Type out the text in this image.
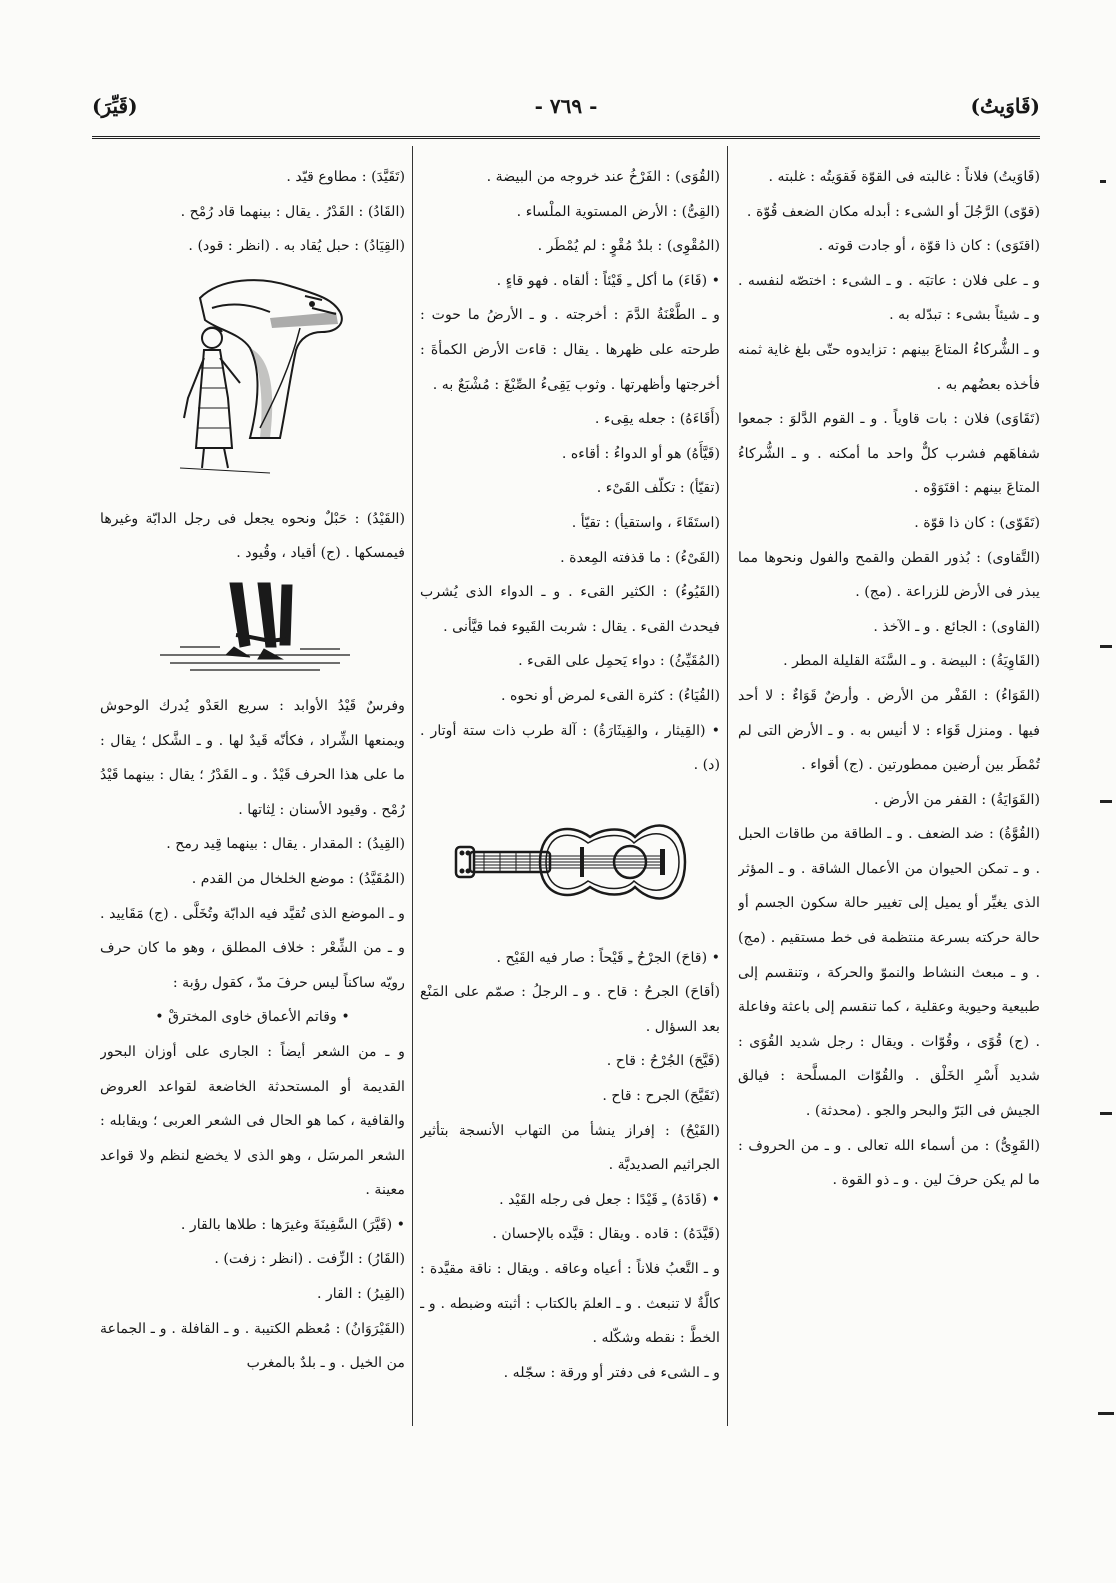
(قَاوَيتُ)
- ٧٦٩ -
(قَيِّرَ)

(قَاوَيتُ) فلاناً : غالبته فى القوّة فَقوَيتُه : غلبته .

(قوّى) الرَّجُلَ أو الشىء : أبدله مكان الضعف قُوّة .

(اقتَوَى) : كان ذا قوّة ، أو جادت قوته .

و ـ على فلان : عاتبَه . و ـ الشىء : اختصّه لنفسه . و ـ شيئاً بشىء : تبدّله به .

و ـ الشُّركاءُ المتاعَ بينهم : تزايدوه حتّى بلغ غاية ثمنه فأخذه بعضُهم به .

(تَقَاوَى) فلان : بات قاوياً . و ـ القوم الدَّلوَ : جمعوا شفاهَهم فشرب كلٌّ واحد ما أمكنه . و ـ الشُّركاءُ المتاعَ بينهم : اقتَوَوْه .

(تَقَوّى) : كان ذا قوّة .

(التَّقاوى) : بُذور القطن والقمح والفول ونحوها مما يبذر فى الأرض للزراعة . (مج) .

(القاوى) : الجائع . و ـ الآخذ .

(القَاوِيَةُ) : البيضة . و ـ السَّنَة القليلة المطر .

(القَوَاءُ) : القَفْر من الأرض . وأرضٌ قَوَاءٌ : لا أحد فيها . ومنزل قَوَاء : لا أنيس به . و ـ الأرض التى لم تُمْطَر بين أرضين ممطورتين . (ج) أقواء .

(القَوَايَةُ) : القفر من الأرض .

(القُوَّةُ) : ضد الضعف . و ـ الطاقة من طاقات الحبل . و ـ تمكن الحيوان من الأعمال الشاقة . و ـ المؤثر الذى يغيِّر أو يميل إلى تغيير حالة سكون الجسم أو حالة حركته بسرعة منتظمة فى خط مستقيم . (مج) . و ـ مبعث النشاط والنموّ والحركة ، وتنقسم إلى طبيعية وحيوية وعقلية ، كما تنقسم إلى باعثة وفاعلة . (ج) قُوًى ، وقُوّات . ويقال : رجل شديد القُوَى : شديد أَسْرِ الخَلْق . والقُوّات المسلَّحة : فيالق الجيش فى البَرّ والبحر والجو . (محدثة) .

(القَوِىُّ) : من أسماء الله تعالى . و ـ من الحروف : ما لم يكن حرفَ لين . و ـ ذو القوة .

(القُوَى) : الفَرْخُ عند خروجه من البيضة .

(القِىُّ) : الأرض المستوية الملْساء .

(المُقْوِى) : بلدٌ مُقْوٍ : لم يُمْطَر .

• (قَاءَ) ما أكل ـِ قَيْئاً : ألقاه . فهو قاءٍ .

و ـ الطَّعْنَةُ الدَّمَ : أخرجته . و ـ الأرضُ ما حوت : طرحته على ظهرها . يقال : قاءت الأرض الكمأةَ : أخرجتها وأظهرتها . وثوب يَقِىءُ الصِّبْغَ : مُشْبَعٌ به .

(أَقَاءَهُ) : جعله يقِىء .

(قَيَّأَهُ) هو أو الدواءُ : أقاءه .

(تقيّأ) : تكلّف القَىْء .

(استَقَاءَ ، واستقيأ) : تقيّأ .

(القَىْءُ) : ما قذفته المِعدة .

(القَيُوءُ) : الكثير القىء . و ـ الدواء الذى يُشرب فيحدث القىء . يقال : شربت القَيوء فما قيَّأنى .

(المُقَيِّئُ) : دواء يَحمِل على القىء .

(القُيَاءُ) : كثرة القىء لمرض أو نحوه .

• (القِيثار ، والقِيثَارَةُ) : آلة طرب ذات ستة أوتار . (د) .

• (قاحَ) الجرْحُ ـِ قَيْحاً : صار فيه القَيْح .

(أقاحَ) الجرحُ : قاح . و ـ الرجلُ : صمّم على المَنْع بعد السؤال .

(قَيَّحَ) الجُرْحُ : قاح .

(تَقَيَّحَ) الجرح : قاح .

(القَيْحُ) : إفراز ينشأ من التهاب الأنسجة بتأثير الجراثيم الصديديَّة .

• (قَادَهُ) ـِ قَيْدًا : جعل فى رجله القَيْد .

(قَيَّدَهُ) : قاده . ويقال : قيَّده بالإحسان .

و ـ التَّعبُ فلاناً : أعياه وعاقه . ويقال : ناقة مقيَّدة : كالَّةٌ لا تنبعث . و ـ العلمَ بالكتاب : أثبته وضبطه . و ـ الخطَّ : نقطه وشكّله .

و ـ الشىء فى دفتر أو ورقة : سجّله .

(تَقَيَّدَ) : مطاوع قيّد .

(القَادُ) : القَدْرُ . يقال : بينهما قاد رُمْح .

(القِيَادُ) : حبل يُقاد به . (انظر : قود) .

(القَيْدُ) : حَبْلٌ ونحوه يجعل فى رجل الدابّة وغيرها فيمسكها . (ج) أقياد ، وقُيود .

وفرسٌ قَيْدُ الأوابد : سريع العَدْو يُدرك الوحوش ويمنعها الشِّراد ، فكأنّه قَيدٌ لها . و ـ الشَّكل ؛ يقال : ما على هذا الحرف قَيْدٌ . و ـ القَدْرُ ؛ يقال : بينهما قَيْدُ رُمْح . وقيود الأسنان : لِثاتها .

(القِيدُ) : المقدار . يقال : بينهما قِيد رمح .

(المُقَيَّدُ) : موضع الخلخال من القدم .

و ـ الموضع الذى تُقيَّد فيه الدابّة وتُخَلَّى . (ج) مَقَاييد . و ـ من الشِّعْر : خلاف المطلق ، وهو ما كان حرف رويّه ساكناً ليس حرفَ مدّ ، كقول رؤبة :

• وقاتم الأعماق خاوى المخترقْ •

و ـ من الشعر أيضاً : الجارى على أوزان البحور القديمة أو المستحدثة الخاضعة لقواعد العروض والقافية ، كما هو الحال فى الشعر العربى ؛ ويقابله : الشعر المرسَل ، وهو الذى لا يخضع لنظم ولا قواعد معينة .

• (قَيَّرَ) السَّفِينَةَ وغيرَها : طلاها بالقار .

(القَارُ) : الزِّفت . (انظر : زفت) .

(القِيرُ) : القار .

(القَيْرَوَانُ) : مُعظم الكتيبة . و ـ القافلة . و ـ الجماعة من الخيل . و ـ بلدٌ بالمغرب
